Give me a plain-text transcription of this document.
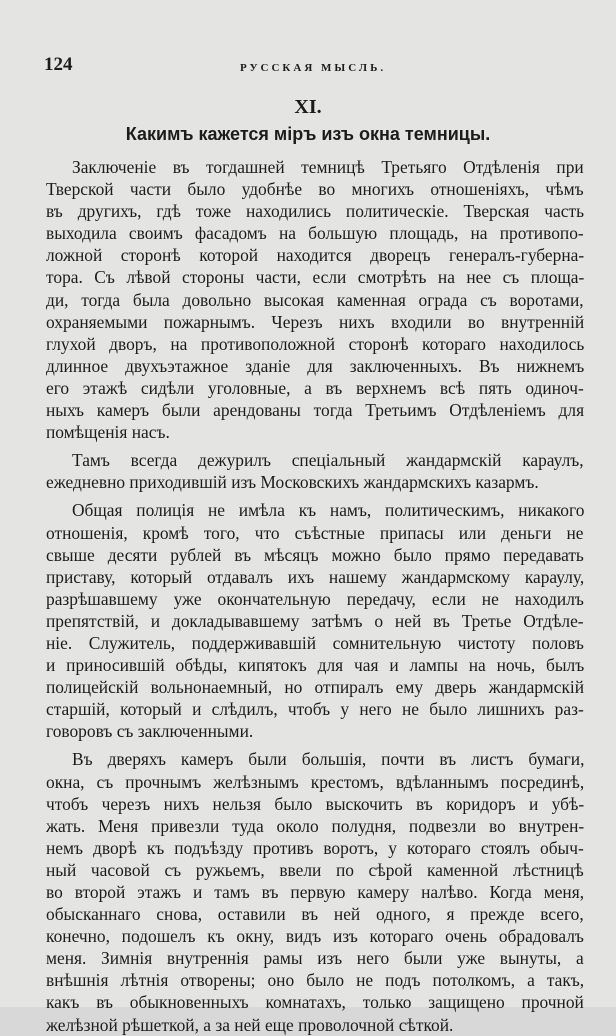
124	РУССКАЯ МЫСЛЬ.
XI.
Какимъ кажется міръ изъ окна темницы.
Заключеніе въ тогдашней темницѣ Третьяго Отдѣленія при
Тверской части было удобнѣе во многихъ отношеніяхъ, чѣмъ
въ другихъ, гдѣ тоже находились политическіе. Тверская часть
выходила своимъ фасадомъ на большую площадь, на противопо-
ложной сторонѣ которой находится дворецъ генералъ-губерна-
тора. Съ лѣвой стороны части, если смотрѣть на нее съ площа-
ди, тогда была довольно высокая каменная ограда съ воротами,
охраняемыми пожарнымъ. Черезъ нихъ входили во внутренній
глухой дворъ, на противоположной сторонѣ котораго находилось
длинное двухъэтажное зданіе для заключенныхъ. Въ нижнемъ
его этажѣ сидѣли уголовные, а въ верхнемъ всѣ пять одиноч-
ныхъ камеръ были арендованы тогда Третьимъ Отдѣленіемъ для
помѣщенія насъ.
Тамъ всегда дежурилъ спеціальный жандармскій караулъ,
ежедневно приходившій изъ Московскихъ жандармскихъ казармъ.
Общая полиція не имѣла къ намъ, политическимъ, никакого
отношенія, кромѣ того, что съѣстные припасы или деньги не
свыше десяти рублей въ мѣсяцъ можно было прямо передавать
приставу, который отдавалъ ихъ нашему жандармскому караулу,
разрѣшавшему уже окончательную передачу, если не находилъ
препятствій, и докладывавшему затѣмъ о ней въ Третье Отдѣле-
ніе. Служитель, поддерживавшій сомнительную чистоту половъ
и приносившій обѣды, кипятокъ для чая и лампы на ночь, былъ
полицейскій вольнонаемный, но отпиралъ ему дверь жандармскій
старшій, который и слѣдилъ, чтобъ у него не было лишнихъ раз-
говоровъ съ заключенными.
Въ дверяхъ камеръ были большія, почти въ листъ бумаги,
окна, съ прочнымъ желѣзнымъ крестомъ, вдѣланнымъ посрединѣ,
чтобъ черезъ нихъ нельзя было выскочить въ коридоръ и убѣ-
жать. Меня привезли туда около полудня, подвезли во внутрен-
немъ дворѣ къ подъѣзду противъ воротъ, у котораго стоялъ обыч-
ный часовой съ ружьемъ, ввели по сѣрой каменной лѣстницѣ
во второй этажъ и тамъ въ первую камеру налѣво. Когда меня,
обысканнаго снова, оставили въ ней одного, я прежде всего,
конечно, подошелъ къ окну, видъ изъ котораго очень обрадовалъ
меня. Зимнія внутреннія рамы изъ него были уже вынуты, а
внѣшнія лѣтнія отворены; оно было не подъ потолкомъ, а такъ,
какъ въ обыкновенныхъ комнатахъ, только защищено прочной
желѣзной рѣшеткой, а за ней еще проволочной сѣткой.
